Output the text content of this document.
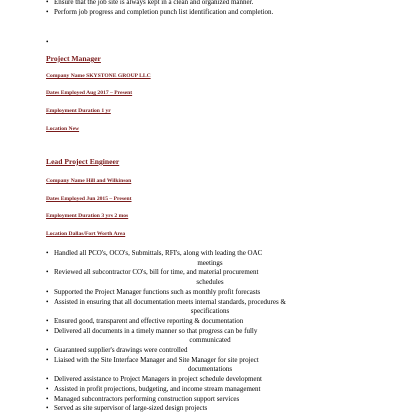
• Ensure that the job site is always kept in a clean and organized manner.
• Perform job progress and completion punch list identification and completion.
•
Project Manager
Company Name SKYSTONE GROUP LLC
Dates Employed Aug 2017 – Present
Employment Duration 1 yr
Location New
Lead Project Engineer
Company Name Hill and Wilkinson
Dates Employed Jun 2015 – Present
Employment Duration 3 yrs 2 mos
Location Dallas/Fort Worth Area
• Handled all PCO's, OCO's, Submittals, RFI's, along with leading the OAC
meetings
• Reviewed all subcontractor CO's, bill for time, and material procurement
schedules
• Supported the Project Manager functions such as monthly profit forecasts
• Assisted in ensuring that all documentation meets internal standards, procedures &
specifications
• Ensured good, transparent and effective reporting & documentation
• Delivered all documents in a timely manner so that progress can be fully
communicated
• Guaranteed supplier's drawings were controlled
• Liaised with the Site Interface Manager and Site Manager for site project
documentations
• Delivered assistance to Project Managers in project schedule development
• Assisted in profit projections, budgeting, and income stream management
• Managed subcontractors performing construction support services
• Served as site supervisor of large-sized design projects
